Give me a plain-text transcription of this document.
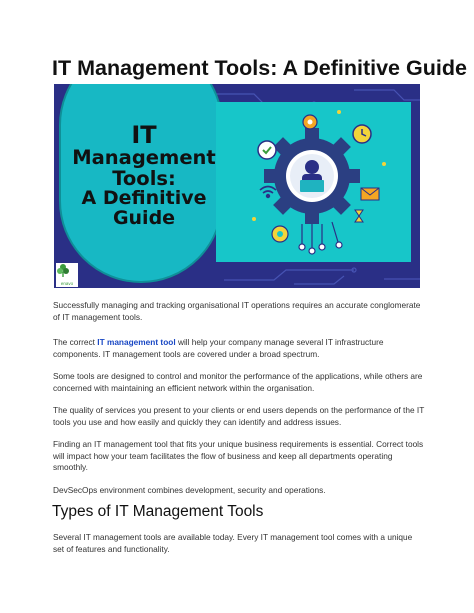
IT Management Tools: A Definitive Guide
IT
Management
Tools:
A Definitive
Guide
enavo

Successfully managing and tracking organisational IT operations requires an accurate conglomerate of IT management tools.

The correct IT management tool will help your company manage several IT infrastructure components. IT management tools are covered under a broad spectrum.

Some tools are designed to control and monitor the performance of the applications, while others are concerned with maintaining an efficient network within the organisation.

The quality of services you present to your clients or end users depends on the performance of the IT tools you use and how easily and quickly they can identify and address issues.

Finding an IT management tool that fits your unique business requirements is essential. Correct tools will impact how your team facilitates the flow of business and keep all departments operating smoothly.

DevSecOps environment combines development, security and operations.

Types of IT Management Tools

Several IT management tools are available today. Every IT management tool comes with a unique set of features and functionality.
